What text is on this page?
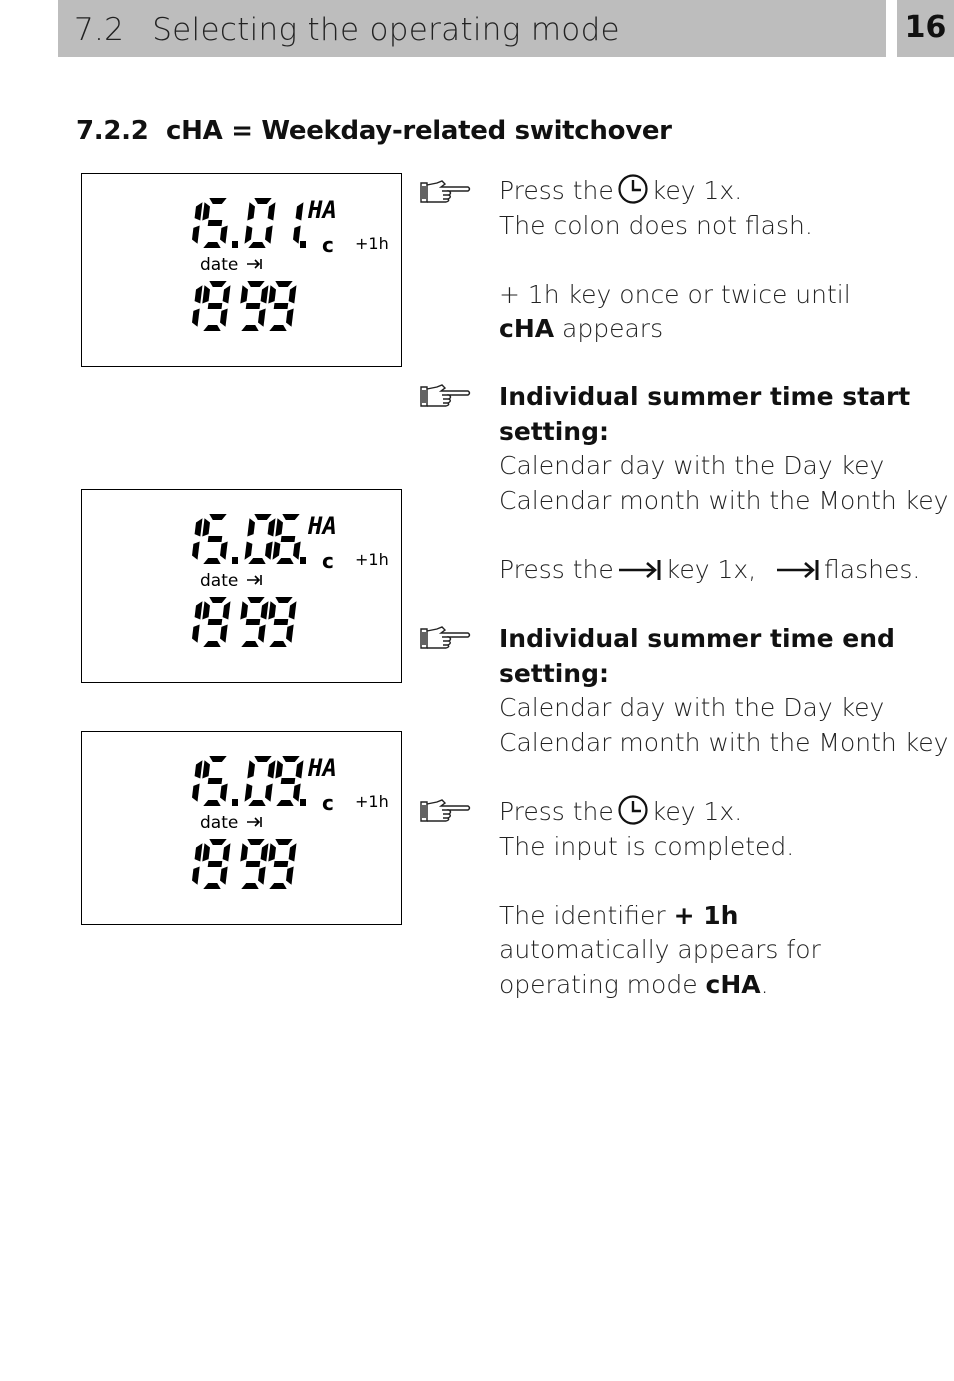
7.2 Selecting the operating mode	16
7.2.2 cHA = Weekday-related switchover
HA
c +1h
date
HA
c +1h
date
HA
c +1h
date
Press the key 1x.
The colon does not flash.
+ 1h key once or twice until
cHA appears
Individual summer time start
setting:
Calendar day with the Day key
Calendar month with the Month key
Press the key 1x,	flashes.
Individual summer time end
setting:
Calendar day with the Day key
Calendar month with the Month key
Press the key 1x.
The input is completed.
The identifier + 1h
automatically appears for
operating mode cHA.
